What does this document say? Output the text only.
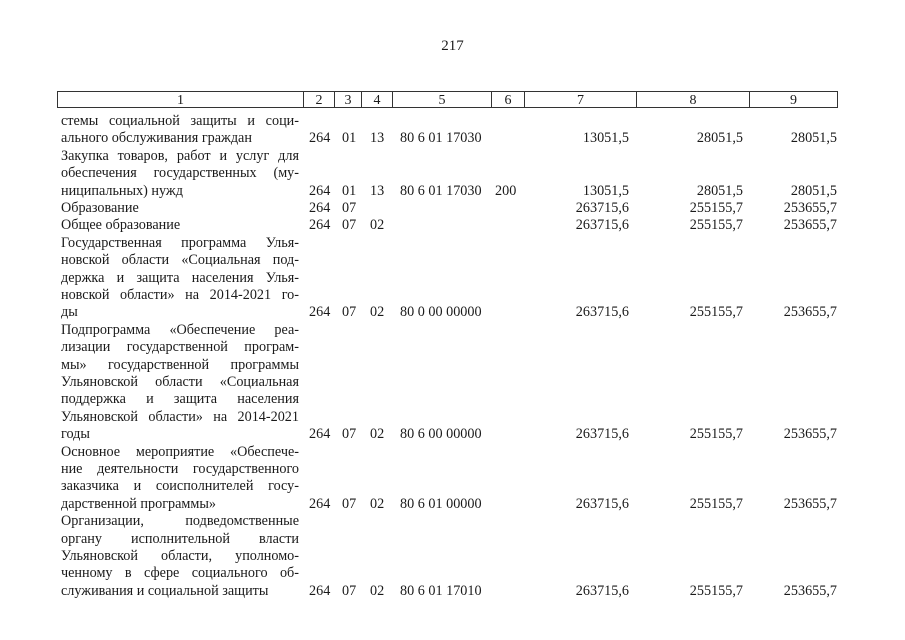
217
1	2	3	4	5	6	7	8	9
стемы социальной защиты и соци-
ального обслуживания граждан	264 01 13 80 6 01 17030	13051,5	28051,5	28051,5
Закупка товаров, работ и услуг для
обеспечения государственных (му-
ниципальных) нужд	264 01 13 80 6 01 17030 200	13051,5	28051,5	28051,5
Образование	264 07	263715,6	255155,7	253655,7
Общее образование	264 07 02	263715,6	255155,7	253655,7
Государственная программа Улья-
новской области «Социальная под-
держка и защита населения Улья-
новской области» на 2014-2021 го-
ды	264 07 02 80 0 00 00000	263715,6	255155,7	253655,7
Подпрограмма «Обеспечение реа-
лизации государственной програм-
мы» государственной программы
Ульяновской области «Социальная
поддержка и защита населения
Ульяновской области» на 2014-2021
годы	264 07 02 80 6 00 00000	263715,6	255155,7	253655,7
Основное мероприятие «Обеспече-
ние деятельности государственного
заказчика и соисполнителей госу-
дарственной программы»	264 07 02 80 6 01 00000	263715,6	255155,7	253655,7
Организации, подведомственные
органу исполнительной власти
Ульяновской области, уполномо-
ченному в сфере социального об-
служивания и социальной защиты	264 07 02 80 6 01 17010	263715,6	255155,7	253655,7
